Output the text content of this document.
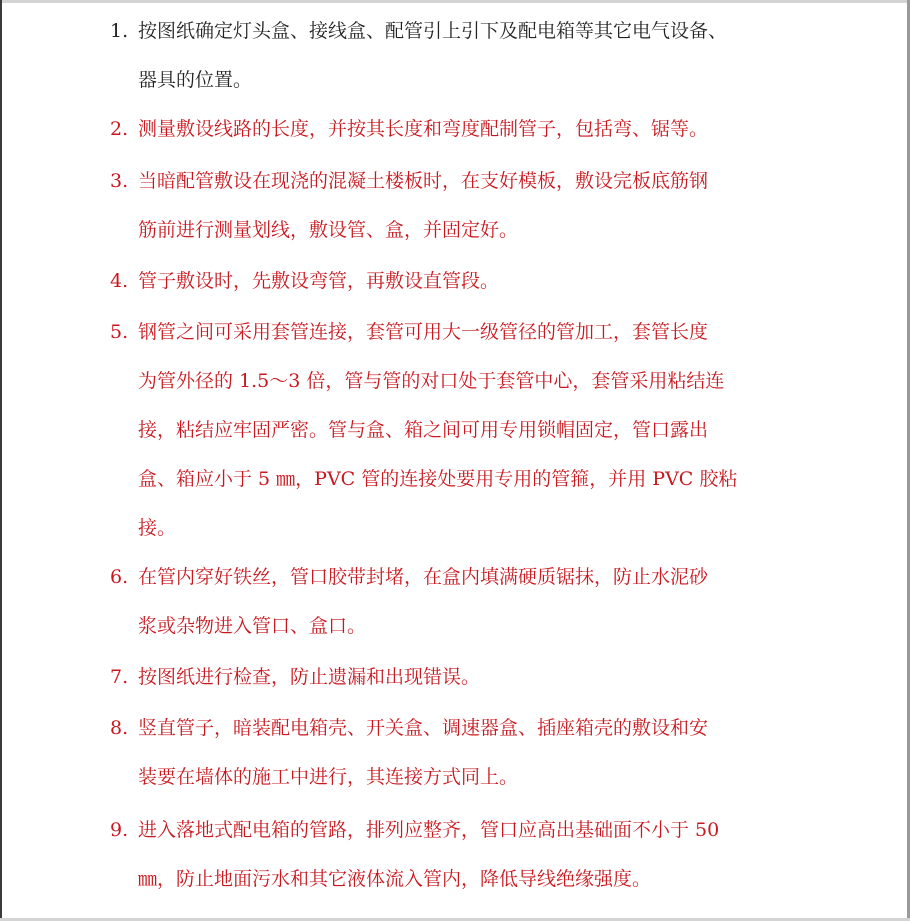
1. 按图纸确定灯头盒、接线盒、配管引上引下及配电箱等其它电气设备、
器具的位置。
2. 测量敷设线路的长度，并按其长度和弯度配制管子，包括弯、锯等。
3. 当暗配管敷设在现浇的混凝土楼板时，在支好模板，敷设完板底筋钢
筋前进行测量划线，敷设管、盒，并固定好。
4. 管子敷设时，先敷设弯管，再敷设直管段。
5. 钢管之间可采用套管连接，套管可用大一级管径的管加工，套管长度
为管外径的 1.5～3 倍，管与管的对口处于套管中心，套管采用粘结连
接，粘结应牢固严密。管与盒、箱之间可用专用锁帽固定，管口露出
盒、箱应小于 5 ㎜，PVC 管的连接处要用专用的管箍，并用 PVC 胶粘
接。
6. 在管内穿好铁丝，管口胶带封堵，在盒内填满硬质锯抹，防止水泥砂
浆或杂物进入管口、盒口。
7. 按图纸进行检查，防止遗漏和出现错误。
8. 竖直管子，暗装配电箱壳、开关盒、调速器盒、插座箱壳的敷设和安
装要在墙体的施工中进行，其连接方式同上。
9. 进入落地式配电箱的管路，排列应整齐，管口应高出基础面不小于 50
㎜，防止地面污水和其它液体流入管内，降低导线绝缘强度。
